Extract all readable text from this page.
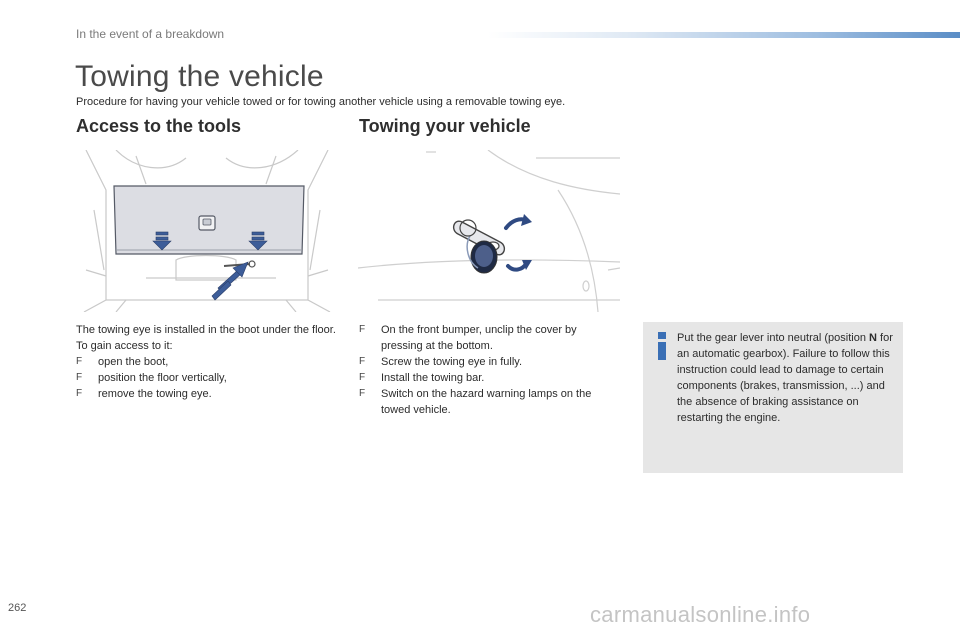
In the event of a breakdown
Towing the vehicle
Procedure for having your vehicle towed or for towing another vehicle using a removable towing eye.
Access to the tools	Towing your vehicle

The towing eye is installed in the boot under the floor.

To gain access to it:

F open the boot,
F position the floor vertically,
F remove the towing eye.
F On the front bumper, unclip the cover by pressing at the bottom.
F Screw the towing eye in fully.
F Install the towing bar.
F Switch on the hazard warning lamps on the towed vehicle.

Put the gear lever into neutral (position N for an automatic gearbox). Failure to follow this instruction could lead to damage to certain components (brakes, transmission, ...) and the absence of braking assistance on restarting the engine.

262	carmanualsonline.info
